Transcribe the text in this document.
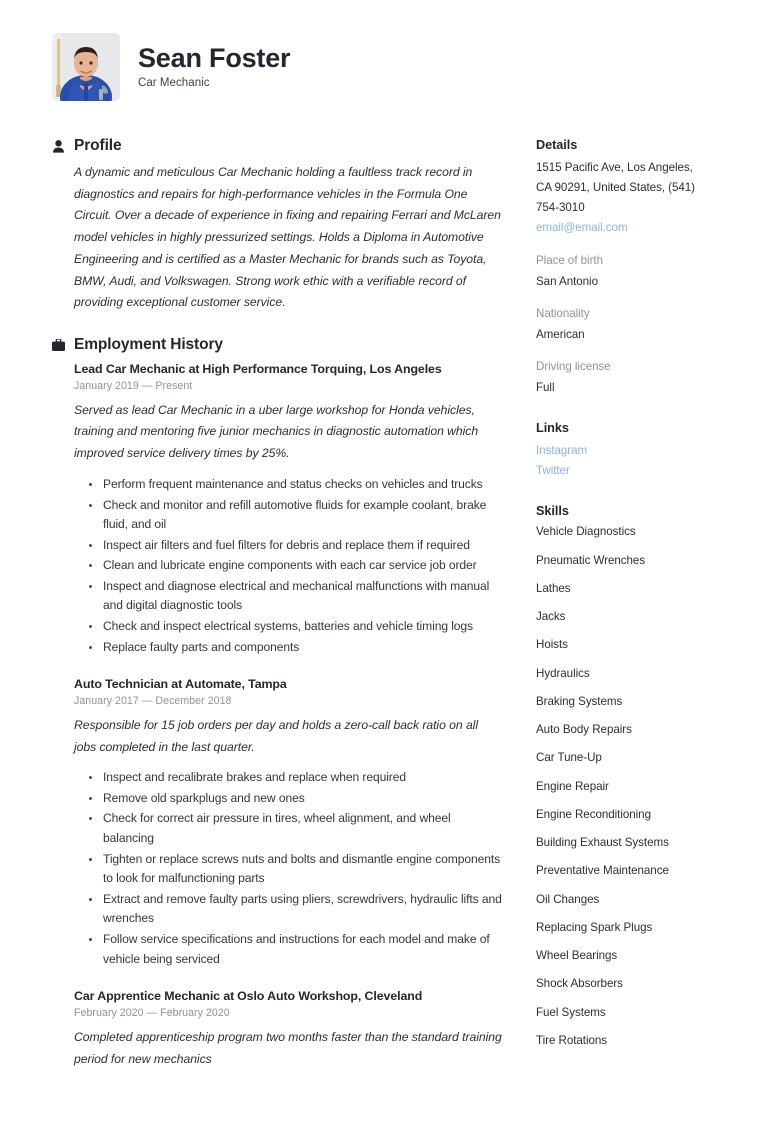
Sean Foster
Car Mechanic
Profile
A dynamic and meticulous Car Mechanic holding a faultless track record in diagnostics and repairs for high-performance vehicles in the Formula One Circuit. Over a decade of experience in fixing and repairing Ferrari and McLaren model vehicles in highly pressurized settings. Holds a Diploma in Automotive Engineering and is certified as a Master Mechanic for brands such as Toyota, BMW, Audi, and Volkswagen. Strong work ethic with a verifiable record of providing exceptional customer service.
Employment History
Lead Car Mechanic at High Performance Torquing, Los Angeles
January 2019 — Present
Served as lead Car Mechanic in a uber large workshop for Honda vehicles, training and mentoring five junior mechanics in diagnostic automation which improved service delivery times by 25%.
Perform frequent maintenance and status checks on vehicles and trucks
Check and monitor and refill automotive fluids for example coolant, brake fluid, and oil
Inspect air filters and fuel filters for debris and replace them if required
Clean and lubricate engine components with each car service job order
Inspect and diagnose electrical and mechanical malfunctions with manual and digital diagnostic tools
Check and inspect electrical systems, batteries and vehicle timing logs
Replace faulty parts and components
Auto Technician at Automate, Tampa
January 2017 — December 2018
Responsible for 15 job orders per day and holds a zero-call back ratio on all jobs completed in the last quarter.
Inspect and recalibrate brakes and replace when required
Remove old sparkplugs and new ones
Check for correct air pressure in tires, wheel alignment, and wheel balancing
Tighten or replace screws nuts and bolts and dismantle engine components to look for malfunctioning parts
Extract and remove faulty parts using pliers, screwdrivers, hydraulic lifts and wrenches
Follow service specifications and instructions for each model and make of vehicle being serviced
Car Apprentice Mechanic at Oslo Auto Workshop, Cleveland
February 2020 — February 2020
Completed apprenticeship program two months faster than the standard training period for new mechanics
Details
1515 Pacific Ave, Los Angeles,
CA 90291, United States, (541)
754-3010
email@email.com
Place of birth
San Antonio
Nationality
American
Driving license
Full
Links
Instagram
Twitter
Skills
Vehicle Diagnostics
Pneumatic Wrenches
Lathes
Jacks
Hoists
Hydraulics
Braking Systems
Auto Body Repairs
Car Tune-Up
Engine Repair
Engine Reconditioning
Building Exhaust Systems
Preventative Maintenance
Oil Changes
Replacing Spark Plugs
Wheel Bearings
Shock Absorbers
Fuel Systems
Tire Rotations
